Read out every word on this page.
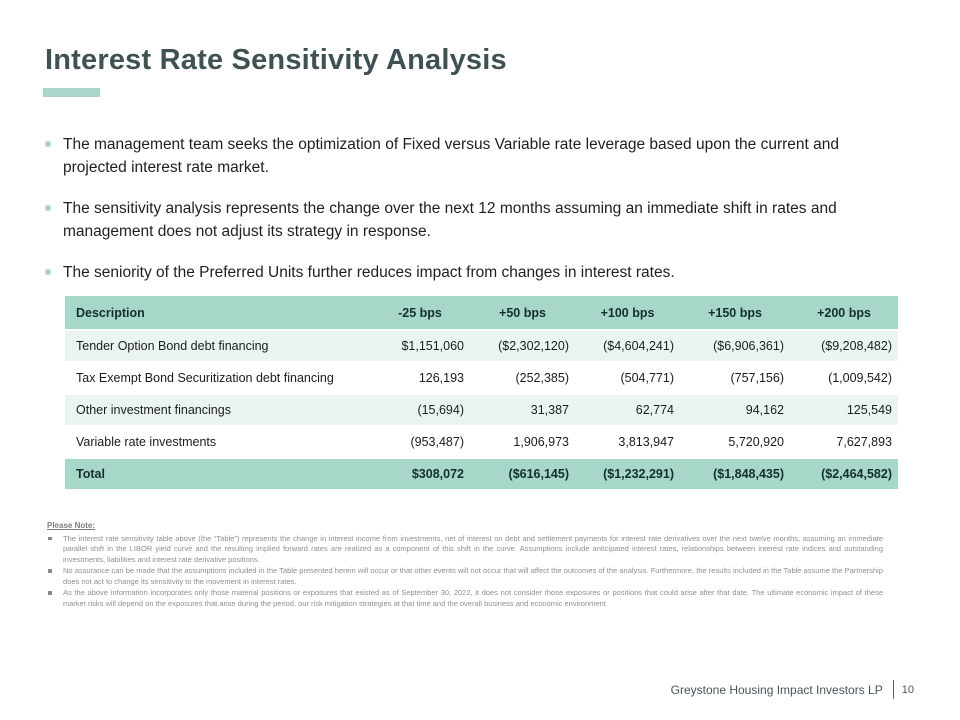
Interest Rate Sensitivity Analysis
The management team seeks the optimization of Fixed versus Variable rate leverage based upon the current and projected interest rate market.
The sensitivity analysis represents the change over the next 12 months assuming an immediate shift in rates and management does not adjust its strategy in response.
The seniority of the Preferred Units further reduces impact from changes in interest rates.
Description	-25 bps	+50 bps	+100 bps	+150 bps	+200 bps
Tender Option Bond debt financing	$1,151,060	($2,302,120)	($4,604,241)	($6,906,361)	($9,208,482)
Tax Exempt Bond Securitization debt financing	126,193	(252,385)	(504,771)	(757,156)	(1,009,542)
Other investment financings	(15,694)	31,387	62,774	94,162	125,549
Variable rate investments	(953,487)	1,906,973	3,813,947	5,720,920	7,627,893
Total	$308,072	($616,145)	($1,232,291)	($1,848,435)	($2,464,582)
Please Note:
The interest rate sensitivity table above (the “Table”) represents the change in interest income from investments, net of interest on debt and settlement payments for interest rate derivatives over the next twelve months, assuming an immediate parallel shift in the LIBOR yield curve and the resulting implied forward rates are realized as a component of this shift in the curve. Assumptions include anticipated interest rates, relationships between interest rate indices and outstanding investments, liabilities and interest rate derivative positions.
No assurance can be made that the assumptions included in the Table presented herein will occur or that other events will not occur that will affect the outcomes of the analysis. Furthermore, the results included in the Table assume the Partnership does not act to change its sensitivity to the movement in interest rates.
As the above information incorporates only those material positions or exposures that existed as of September 30, 2022, it does not consider those exposures or positions that could arise after that date. The ultimate economic impact of these market risks will depend on the exposures that arise during the period, our risk mitigation strategies at that time and the overall business and economic environment.
Greystone Housing Impact Investors LP 10
